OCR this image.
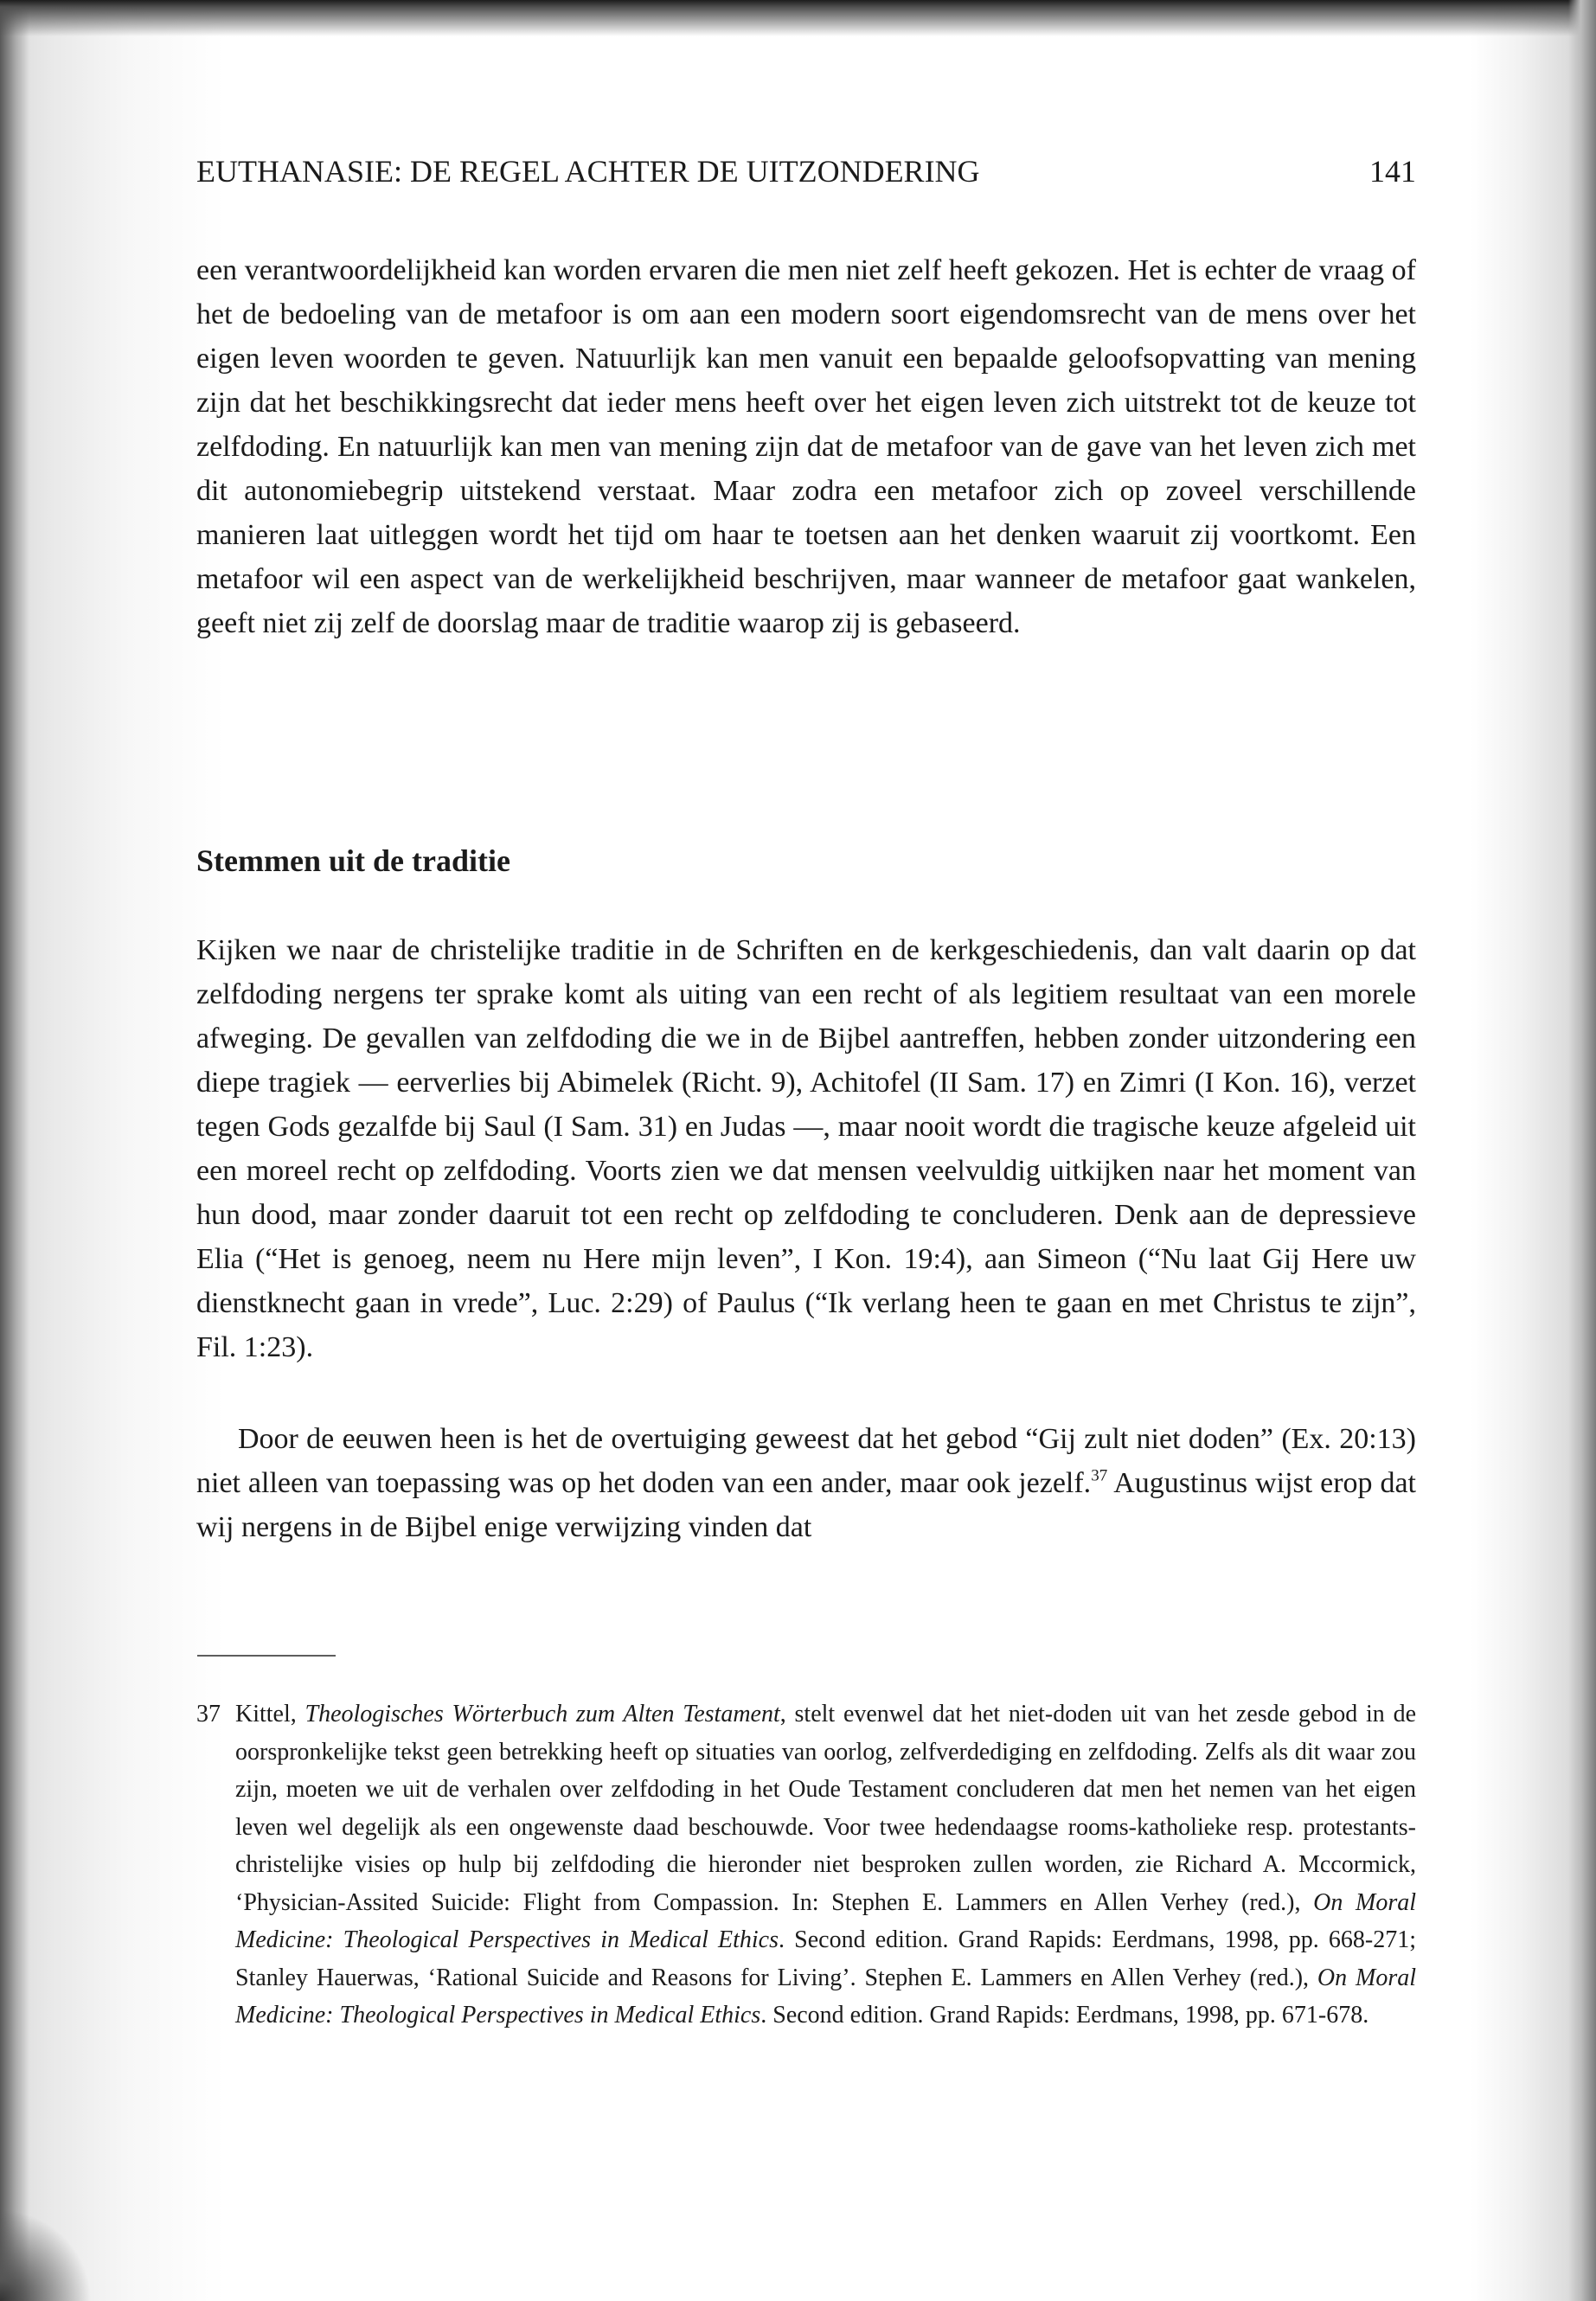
EUTHANASIE: DE REGEL ACHTER DE UITZONDERING	141

een verantwoordelijkheid kan worden ervaren die men niet zelf heeft gekozen. Het is echter de vraag of het de bedoeling van de metafoor is om aan een modern soort eigendomsrecht van de mens over het eigen leven woorden te geven. Natuurlijk kan men vanuit een bepaalde geloofsopvatting van mening zijn dat het beschikkingsrecht dat ieder mens heeft over het eigen leven zich uitstrekt tot de keuze tot zelfdoding. En natuurlijk kan men van mening zijn dat de metafoor van de gave van het leven zich met dit autonomiebegrip uitstekend verstaat. Maar zodra een metafoor zich op zoveel verschillende manieren laat uitleggen wordt het tijd om haar te toetsen aan het denken waaruit zij voortkomt. Een metafoor wil een aspect van de werkelijkheid beschrijven, maar wanneer de metafoor gaat wankelen, geeft niet zij zelf de doorslag maar de traditie waarop zij is gebaseerd.

Stemmen uit de traditie

Kijken we naar de christelijke traditie in de Schriften en de kerkgeschiedenis, dan valt daarin op dat zelfdoding nergens ter sprake komt als uiting van een recht of als legitiem resultaat van een morele afweging. De gevallen van zelfdoding die we in de Bijbel aantreffen, hebben zonder uitzondering een diepe tragiek — eerverlies bij Abimelek (Richt. 9), Achitofel (II Sam. 17) en Zimri (I Kon. 16), verzet tegen Gods gezalfde bij Saul (I Sam. 31) en Judas —, maar nooit wordt die tragische keuze afgeleid uit een moreel recht op zelfdoding. Voorts zien we dat mensen veelvuldig uitkijken naar het moment van hun dood, maar zonder daaruit tot een recht op zelfdoding te concluderen. Denk aan de depressieve Elia (“Het is genoeg, neem nu Here mijn leven”, I Kon. 19:4), aan Simeon (“Nu laat Gij Here uw dienstknecht gaan in vrede”, Luc. 2:29) of Paulus (“Ik verlang heen te gaan en met Christus te zijn”, Fil. 1:23).

Door de eeuwen heen is het de overtuiging geweest dat het gebod “Gij zult niet doden” (Ex. 20:13) niet alleen van toepassing was op het doden van een ander, maar ook jezelf.$^{37}$ Augustinus wijst erop dat wij nergens in de Bijbel enige verwijzing vinden dat

37 Kittel, Theologisches Wörterbuch zum Alten Testament, stelt evenwel dat het niet-doden uit van het zesde gebod in de oorspronkelijke tekst geen betrekking heeft op situaties van oorlog, zelfverdediging en zelfdoding. Zelfs als dit waar zou zijn, moeten we uit de verhalen over zelfdoding in het Oude Testament concluderen dat men het nemen van het eigen leven wel degelijk als een ongewenste daad beschouwde. Voor twee hedendaagse rooms-katholieke resp. protestants-christelijke visies op hulp bij zelfdoding die hieronder niet besproken zullen worden, zie Richard A. Mccormick, ‘Physician-Assited Suicide: Flight from Compassion. In: Stephen E. Lammers en Allen Verhey (red.), On Moral Medicine: Theological Perspectives in Medical Ethics. Second edition. Grand Rapids: Eerdmans, 1998, pp. 668-271; Stanley Hauerwas, ‘Rational Suicide and Reasons for Living’. Stephen E. Lammers en Allen Verhey (red.), On Moral Medicine: Theological Perspectives in Medical Ethics. Second edition. Grand Rapids: Eerdmans, 1998, pp. 671-678.
